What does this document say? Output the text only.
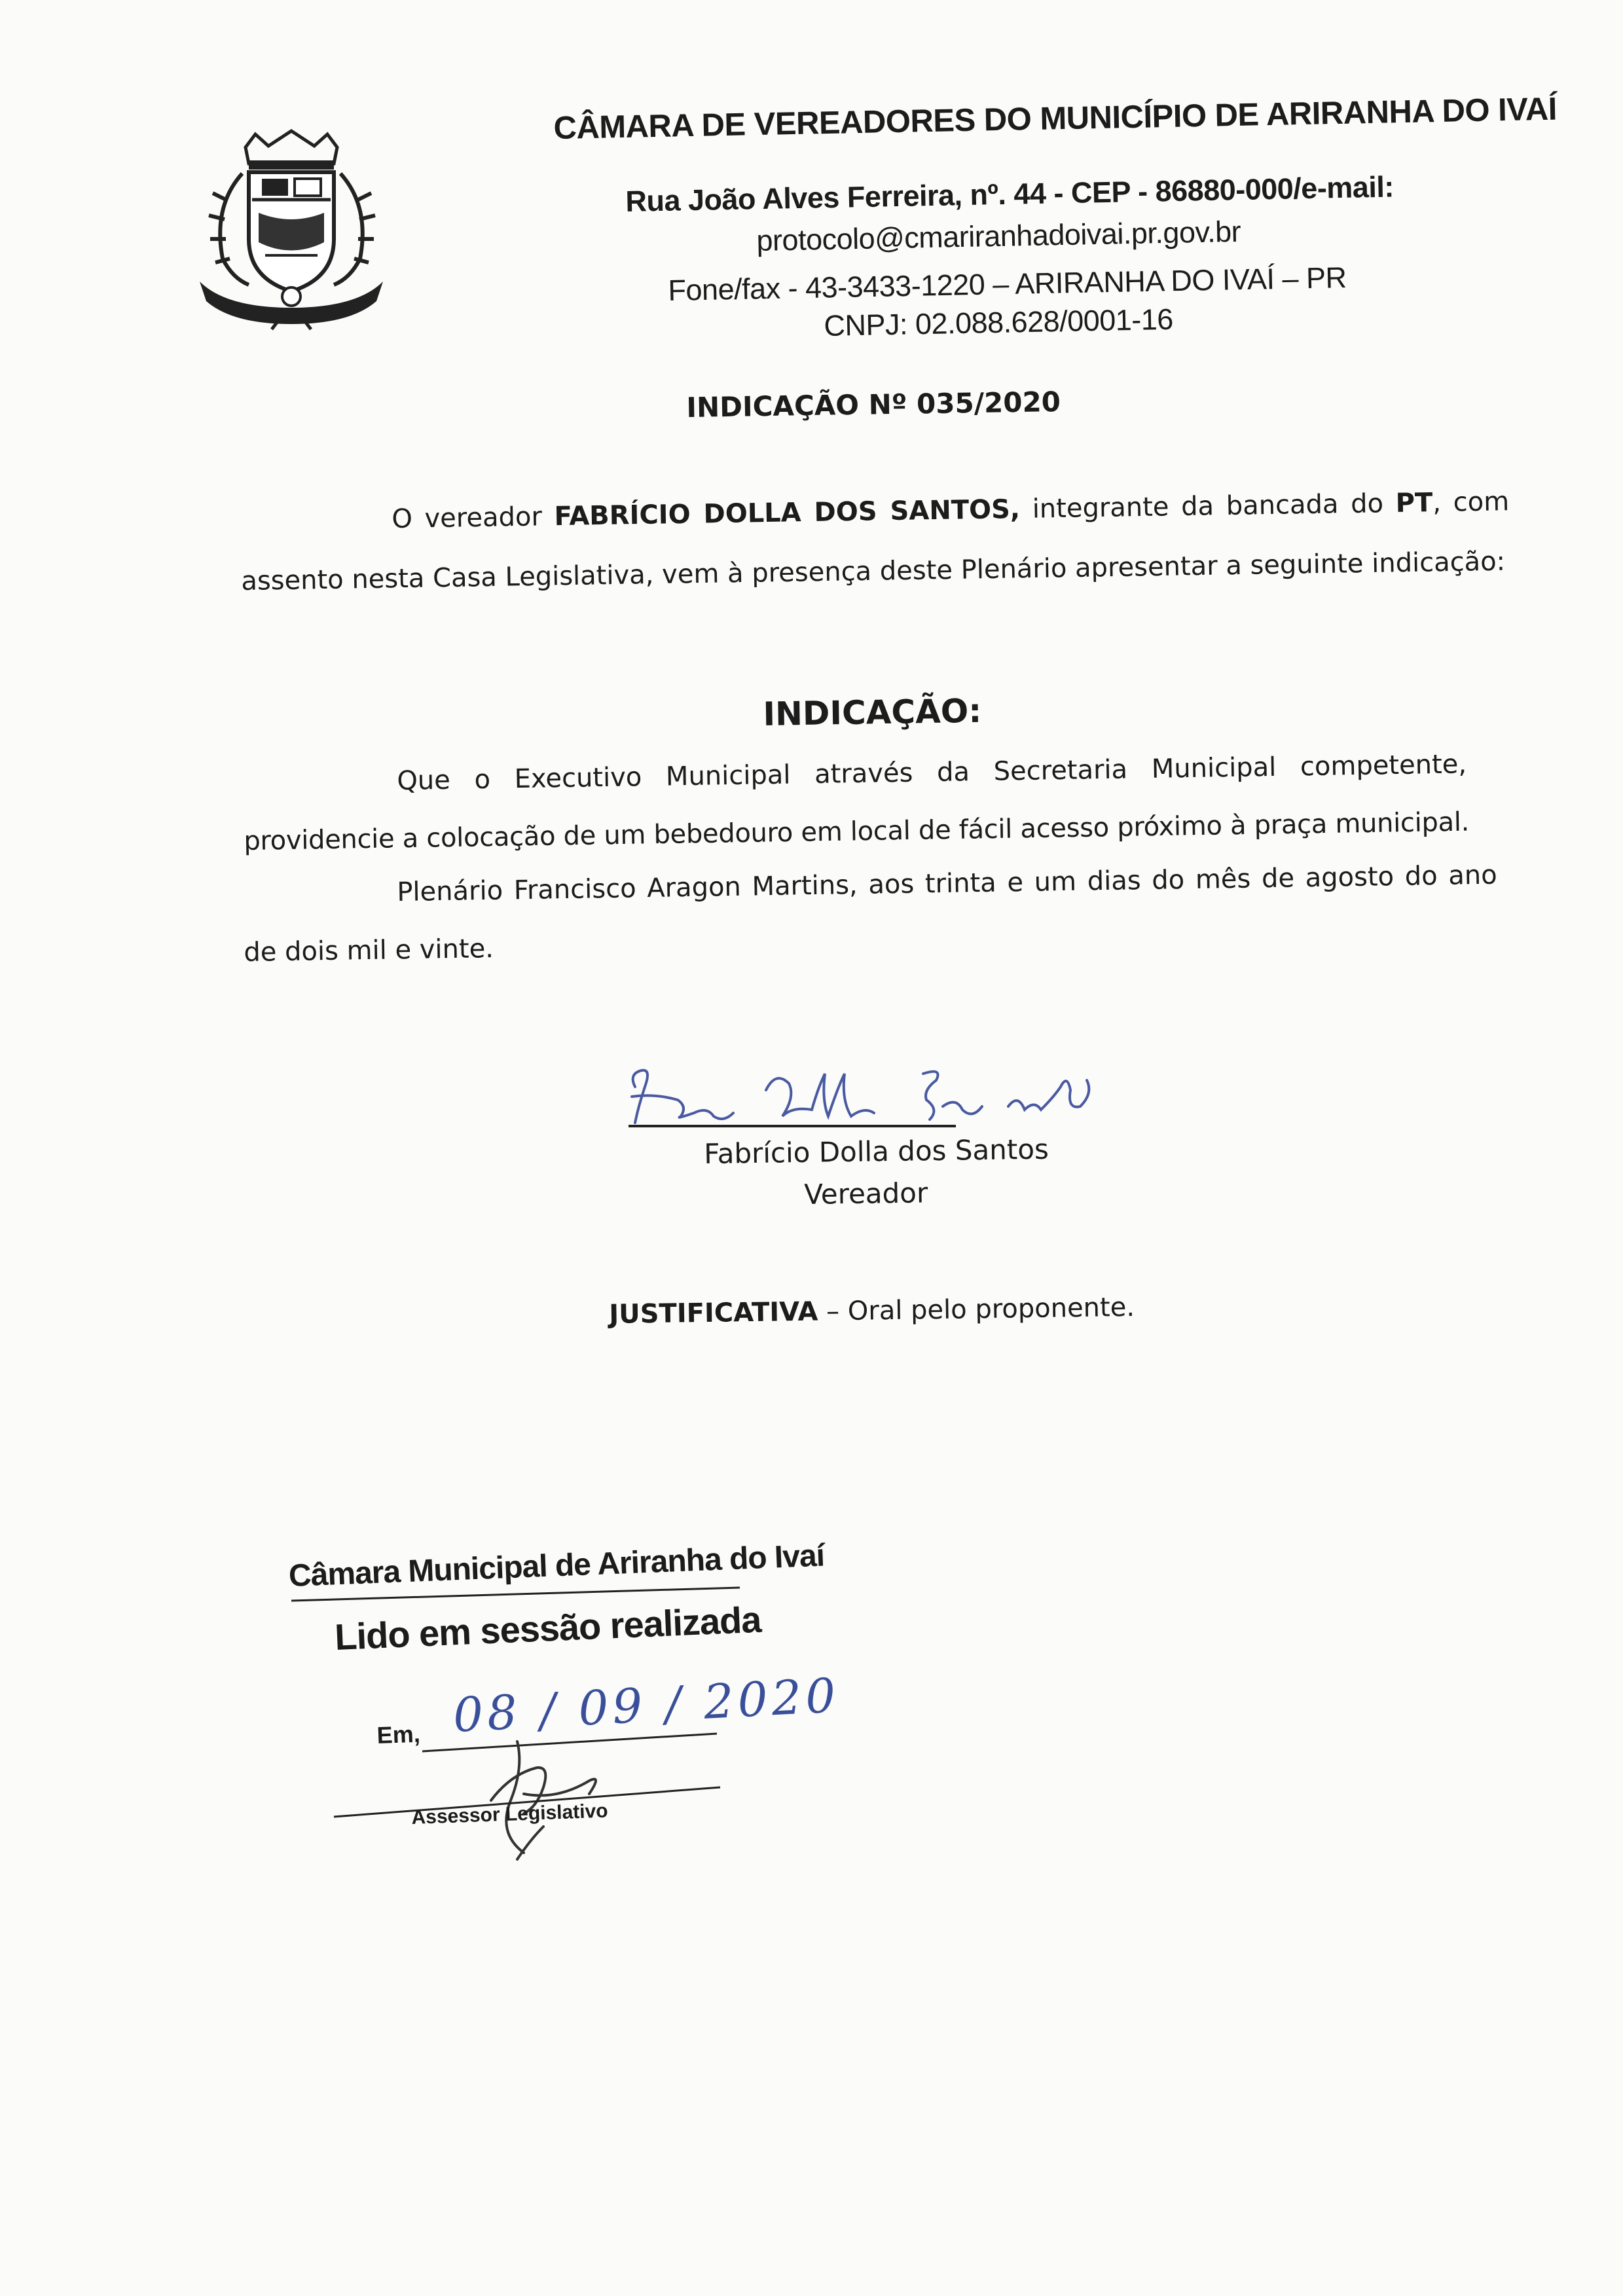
CÂMARA DE VEREADORES DO MUNICÍPIO DE ARIRANHA DO IVAÍ
Rua João Alves Ferreira, nº. 44 - CEP - 86880-000/e-mail:
protocolo@cmariranhadoivai.pr.gov.br
Fone/fax - 43-3433-1220 – ARIRANHA DO IVAÍ – PR
CNPJ: 02.088.628/0001-16
INDICAÇÃO Nº 035/2020
O vereador FABRÍCIO DOLLA DOS SANTOS, integrante da bancada do PT, com
assento nesta Casa Legislativa, vem à presença deste Plenário apresentar a seguinte indicação:
INDICAÇÃO:
Que o Executivo Municipal através da Secretaria Municipal competente,
providencie a colocação de um bebedouro em local de fácil acesso próximo à praça municipal.
Plenário Francisco Aragon Martins, aos trinta e um dias do mês de agosto do ano
de dois mil e vinte.
Fabrício Dolla dos Santos
Vereador
JUSTIFICATIVA – Oral pelo proponente.
Câmara Municipal de Ariranha do Ivaí
Lido em sessão realizada
Em, 08 / 09 / 2020
Assessor Legislativo
